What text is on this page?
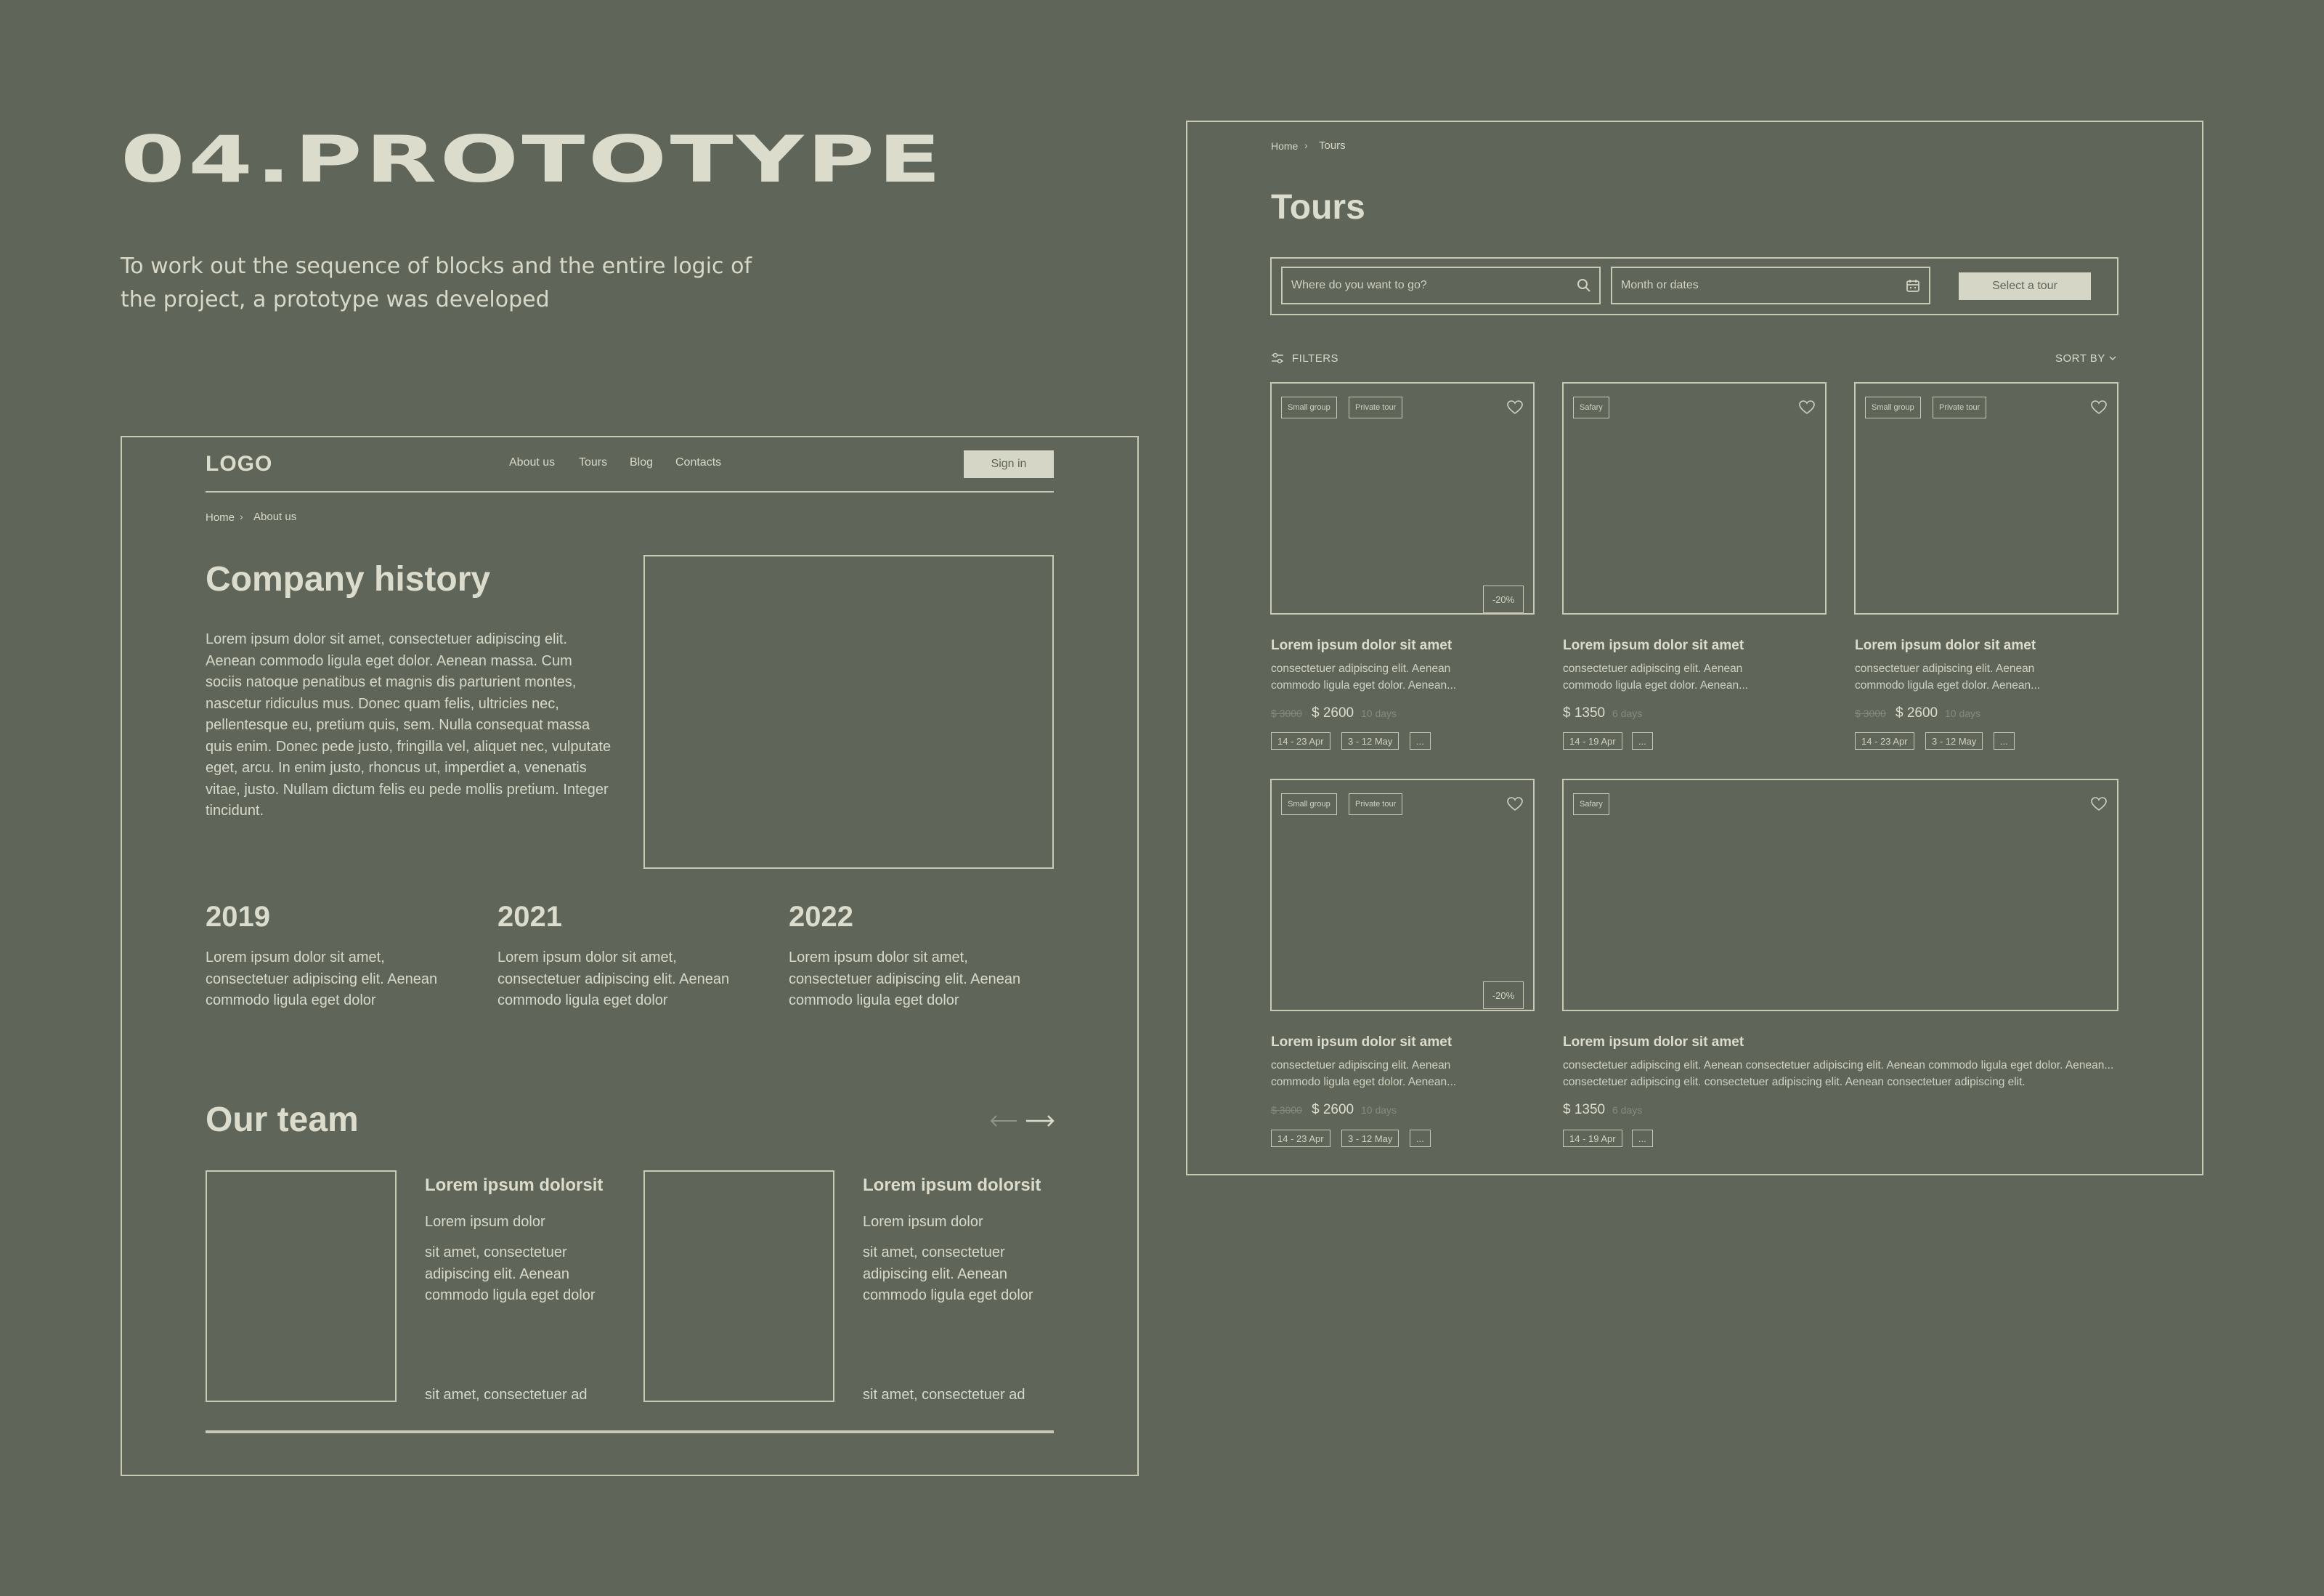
04.PROTOTYPE

To work out the sequence of blocks and the entire logic of the project, a prototype was developed

LOGO	About us Tours Blog Contacts	Sign in
Home › About us
Company history
Lorem ipsum dolor sit amet, consectetuer adipiscing elit. Aenean commodo ligula eget dolor. Aenean massa. Cum sociis natoque penatibus et magnis dis parturient montes, nascetur ridiculus mus. Donec quam felis, ultricies nec, pellentesque eu, pretium quis, sem. Nulla consequat massa quis enim. Donec pede justo, fringilla vel, aliquet nec, vulputate eget, arcu. In enim justo, rhoncus ut, imperdiet a, venenatis vitae, justo. Nullam dictum felis eu pede mollis pretium. Integer tincidunt.
2019
Lorem ipsum dolor sit amet, consectetuer adipiscing elit. Aenean commodo ligula eget dolor
2021
Lorem ipsum dolor sit amet, consectetuer adipiscing elit. Aenean commodo ligula eget dolor
2022
Lorem ipsum dolor sit amet, consectetuer adipiscing elit. Aenean commodo ligula eget dolor
Our team
Lorem ipsum dolorsit
Lorem ipsum dolor
sit amet, consectetuer adipiscing elit. Aenean commodo ligula eget dolor
sit amet, consectetuer ad
Lorem ipsum dolorsit
Lorem ipsum dolor
sit amet, consectetuer adipiscing elit. Aenean commodo ligula eget dolor
sit amet, consectetuer ad
Home › Tours
Tours
Where do you want to go?	Month or dates	Select a tour
FILTERS	SORT BY
Small group	Private tour
-20%
Lorem ipsum dolor sit amet
consectetuer adipiscing elit. Aenean commodo ligula eget dolor. Aenean...
$ 3000 $ 2600 10 days
14 - 23 Apr	3 - 12 May	...
Safary
Lorem ipsum dolor sit amet
consectetuer adipiscing elit. Aenean commodo ligula eget dolor. Aenean...
$ 1350 6 days
14 - 19 Apr	...
Small group	Private tour
Lorem ipsum dolor sit amet
consectetuer adipiscing elit. Aenean commodo ligula eget dolor. Aenean...
$ 3000 $ 2600 10 days
14 - 23 Apr	3 - 12 May	...
Small group	Private tour
-20%
Lorem ipsum dolor sit amet
consectetuer adipiscing elit. Aenean commodo ligula eget dolor. Aenean...
$ 3000 $ 2600 10 days
14 - 23 Apr	3 - 12 May	...
Safary
Lorem ipsum dolor sit amet
consectetuer adipiscing elit. Aenean consectetuer adipiscing elit. Aenean commodo ligula eget dolor. Aenean... consectetuer adipiscing elit. consectetuer adipiscing elit. Aenean consectetuer adipiscing elit.
$ 1350 6 days
14 - 19 Apr	...
